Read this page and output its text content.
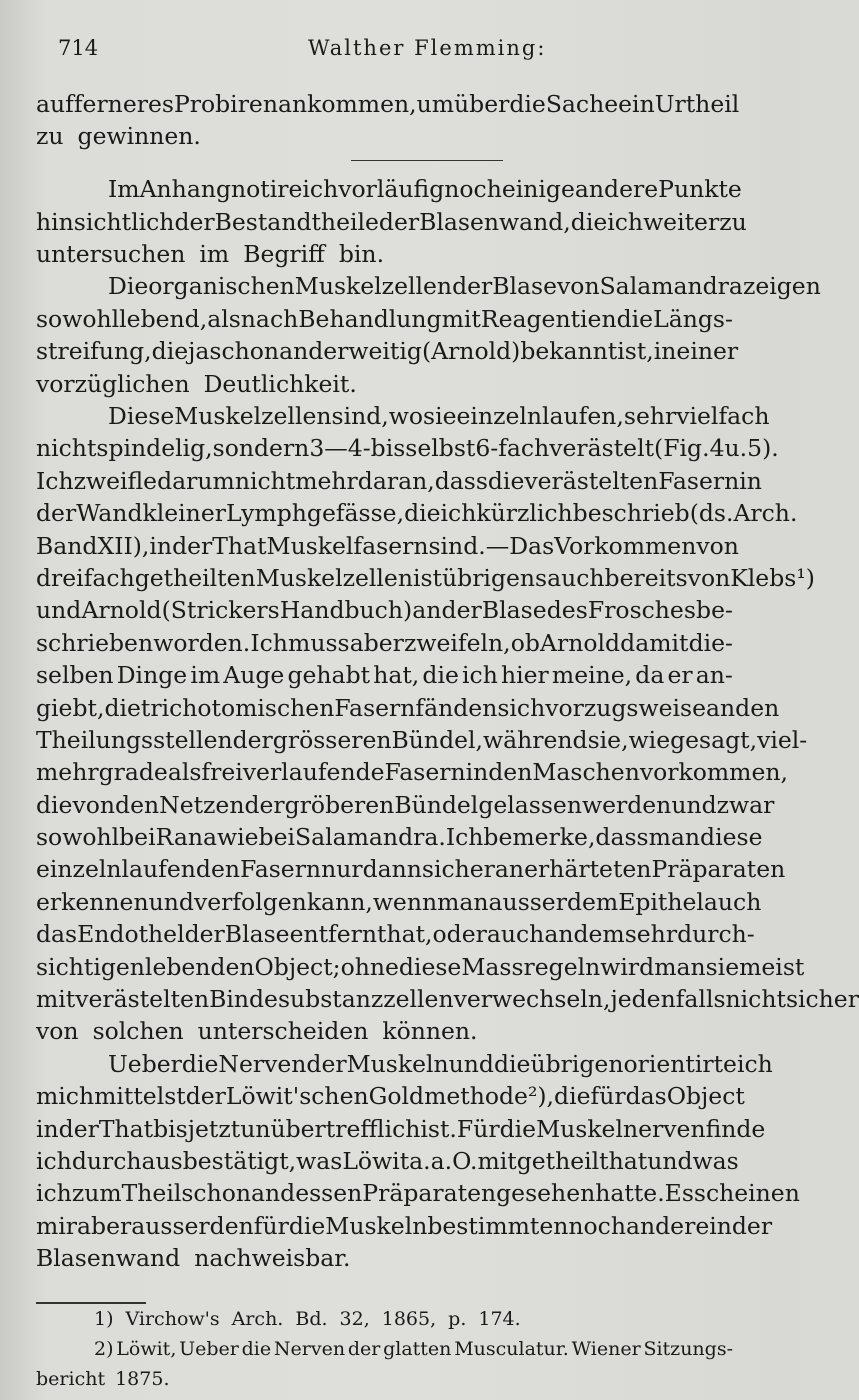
714	Walther Flemming:
auf ferneres Probiren ankommen, um über die Sache ein Urtheil
zu gewinnen.
Im Anhang notire ich vorläufig noch einige andere Punkte
hinsichtlich der Bestandtheile der Blasenwand, die ich weiter zu
untersuchen im Begriff bin.
Die organischen Muskelzellen der Blase von Salamandra zeigen
sowohl lebend, als nach Behandlung mit Reagentien die Längs-
streifung, die ja schon anderweitig (Arnold) bekannt ist, in einer
vorzüglichen Deutlichkeit.
Diese Muskelzellen sind, wo sie einzeln laufen, sehr vielfach
nicht spindelig, sondern 3—4- bis selbst 6-fach verästelt (Fig. 4 u. 5).
Ich zweifle darum nicht mehr daran, dass die verästelten Fasern in
der Wand kleiner Lymphgefässe, die ich kürzlich beschrieb (ds. Arch.
Band XII), in der That Muskelfasern sind. — Das Vorkommen von
dreifach getheilten Muskelzellen ist übrigens auch bereits von Klebs¹)
und Arnold (Strickers Handbuch) an der Blase des Frosches be-
schrieben worden. Ich muss aber zweifeln, ob Arnold damit die-
selben Dinge im Auge gehabt hat, die ich hier meine, da er an-
giebt, die trichotomischen Fasern fänden sich vorzugsweise an den
Theilungsstellen der grösseren Bündel, während sie, wie gesagt, viel-
mehr grade als frei verlaufende Fasern in den Maschen vorkommen,
die von den Netzen der gröberen Bündel gelassen werden und zwar
sowohl bei Rana wie bei Salamandra. Ich bemerke, dass man diese
einzeln laufenden Fasern nur dann sicher an erhärteten Präparaten
erkennen und verfolgen kann, wenn man ausser dem Epithel auch
das Endothel der Blase entfernt hat, oder auch an dem sehr durch-
sichtigen lebenden Object; ohne diese Massregeln wird man sie meist
mit verästelten Bindesubstanzzellen verwechseln, jedenfalls nicht sicher
von solchen unterscheiden können.
Ueber die Nerven der Muskeln und die übrigen orientirte ich
mich mittelst der Löwit'schen Goldmethode²), die für das Object
in der That bis jetzt unübertrefflich ist. Für die Muskelnerven finde
ich durchaus bestätigt, was Löwit a. a. O. mitgetheilt hat und was
ich zum Theil schon an dessen Präparaten gesehen hatte. Es scheinen
mir aber ausser den für die Muskeln bestimmten noch andere in der
Blasenwand nachweisbar.
1) Virchow's Arch. Bd. 32, 1865, p. 174.
2) Löwit, Ueber die Nerven der glatten Musculatur. Wiener Sitzungs-
bericht 1875.
